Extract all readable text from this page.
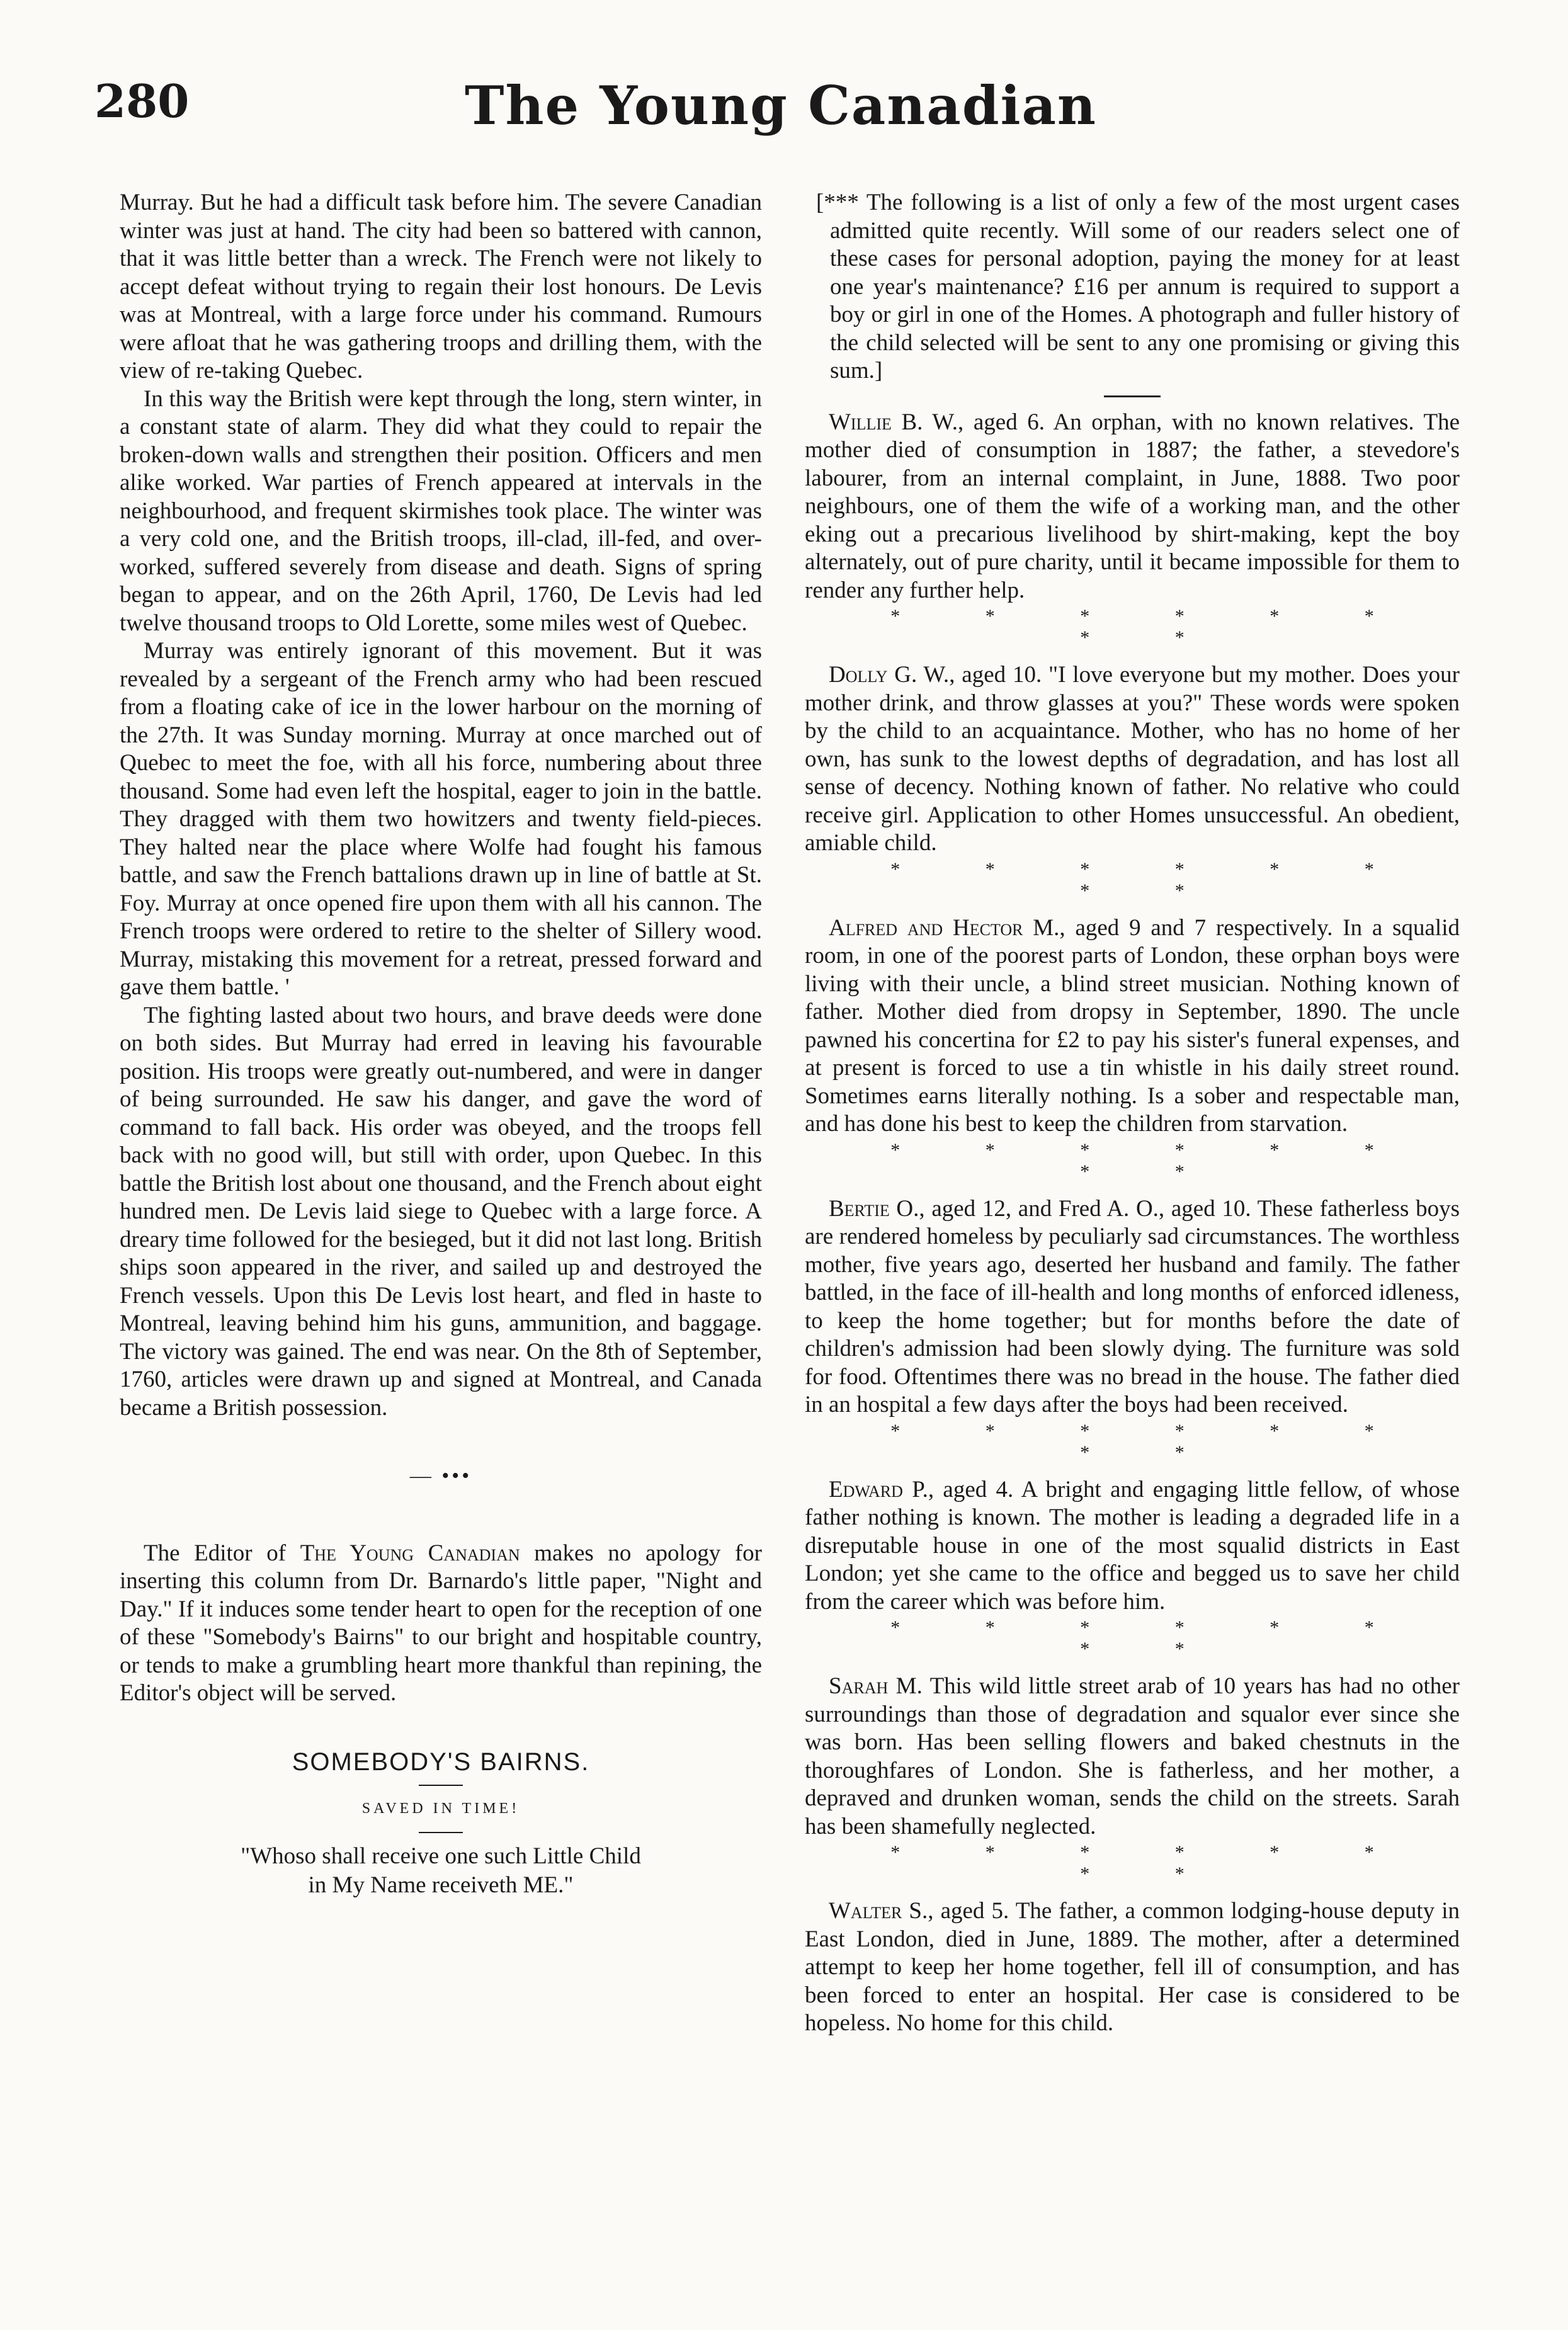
280	The Young Canadian

Murray. But he had a difficult task before him. The severe Canadian winter was just at hand. The city had been so battered with cannon, that it was little better than a wreck. The French were not likely to accept defeat without trying to regain their lost honours. De Levis was at Montreal, with a large force under his command. Rumours were afloat that he was gathering troops and drilling them, with the view of re-taking Quebec.

In this way the British were kept through the long, stern winter, in a constant state of alarm. They did what they could to repair the broken-down walls and strengthen their position. Officers and men alike worked. War parties of French appeared at intervals in the neighbourhood, and frequent skirmishes took place. The winter was a very cold one, and the British troops, ill-clad, ill-fed, and over-worked, suffered severely from disease and death. Signs of spring began to appear, and on the 26th April, 1760, De Levis had led twelve thousand troops to Old Lorette, some miles west of Quebec.

Murray was entirely ignorant of this movement. But it was revealed by a sergeant of the French army who had been rescued from a floating cake of ice in the lower harbour on the morning of the 27th. It was Sunday morning. Murray at once marched out of Quebec to meet the foe, with all his force, numbering about three thousand. Some had even left the hospital, eager to join in the battle. They dragged with them two howitzers and twenty field-pieces. They halted near the place where Wolfe had fought his famous battle, and saw the French battalions drawn up in line of battle at St. Foy. Murray at once opened fire upon them with all his cannon. The French troops were ordered to retire to the shelter of Sillery wood. Murray, mistaking this movement for a retreat, pressed forward and gave them battle. '

The fighting lasted about two hours, and brave deeds were done on both sides. But Murray had erred in leaving his favourable position. His troops were greatly out-numbered, and were in danger of being surrounded. He saw his danger, and gave the word of command to fall back. His order was obeyed, and the troops fell back with no good will, but still with order, upon Quebec. In this battle the British lost about one thousand, and the French about eight hundred men. De Levis laid siege to Quebec with a large force. A dreary time followed for the besieged, but it did not last long. British ships soon appeared in the river, and sailed up and destroyed the French vessels. Upon this De Levis lost heart, and fled in haste to Montreal, leaving behind him his guns, ammunition, and baggage. The victory was gained. The end was near. On the 8th of September, 1760, articles were drawn up and signed at Montreal, and Canada became a British possession.

— •••

The Editor of The Young Canadian makes no apology for inserting this column from Dr. Barnardo's little paper, "Night and Day." If it induces some tender heart to open for the reception of one of these "Somebody's Bairns" to our bright and hospitable country, or tends to make a grumbling heart more thankful than repining, the Editor's object will be served.

SOMEBODY'S BAIRNS.
SAVED IN TIME!
"Whoso shall receive one such Little Child
in My Name receiveth ME."

[*** The following is a list of only a few of the most urgent cases admitted quite recently. Will some of our readers select one of these cases for personal adoption, paying the money for at least one year's maintenance? £16 per annum is required to support a boy or girl in one of the Homes. A photograph and fuller history of the child selected will be sent to any one promising or giving this sum.]

Willie B. W., aged 6. An orphan, with no known relatives. The mother died of consumption in 1887; the father, a stevedore's labourer, from an internal complaint, in June, 1888. Two poor neighbours, one of them the wife of a working man, and the other eking out a precarious livelihood by shirt-making, kept the boy alternately, out of pure charity, until it became impossible for them to render any further help.

* * * * * * * *

Dolly G. W., aged 10. "I love everyone but my mother. Does your mother drink, and throw glasses at you?" These words were spoken by the child to an acquaintance. Mother, who has no home of her own, has sunk to the lowest depths of degradation, and has lost all sense of decency. Nothing known of father. No relative who could receive girl. Application to other Homes unsuccessful. An obedient, amiable child.

* * * * * * * *

Alfred and Hector M., aged 9 and 7 respectively. In a squalid room, in one of the poorest parts of London, these orphan boys were living with their uncle, a blind street musician. Nothing known of father. Mother died from dropsy in September, 1890. The uncle pawned his concertina for £2 to pay his sister's funeral expenses, and at present is forced to use a tin whistle in his daily street round. Sometimes earns literally nothing. Is a sober and respectable man, and has done his best to keep the children from starvation.

* * * * * * * *

Bertie O., aged 12, and Fred A. O., aged 10. These fatherless boys are rendered homeless by peculiarly sad circumstances. The worthless mother, five years ago, deserted her husband and family. The father battled, in the face of ill-health and long months of enforced idleness, to keep the home together; but for months before the date of children's admission had been slowly dying. The furniture was sold for food. Oftentimes there was no bread in the house. The father died in an hospital a few days after the boys had been received.

* * * * * * * *

Edward P., aged 4. A bright and engaging little fellow, of whose father nothing is known. The mother is leading a degraded life in a disreputable house in one of the most squalid districts in East London; yet she came to the office and begged us to save her child from the career which was before him.

* * * * * * * *

Sarah M. This wild little street arab of 10 years has had no other surroundings than those of degradation and squalor ever since she was born. Has been selling flowers and baked chestnuts in the thoroughfares of London. She is fatherless, and her mother, a depraved and drunken woman, sends the child on the streets. Sarah has been shamefully neglected.

* * * * * * * *

Walter S., aged 5. The father, a common lodging-house deputy in East London, died in June, 1889. The mother, after a determined attempt to keep her home together, fell ill of consumption, and has been forced to enter an hospital. Her case is considered to be hopeless. No home for this child.
